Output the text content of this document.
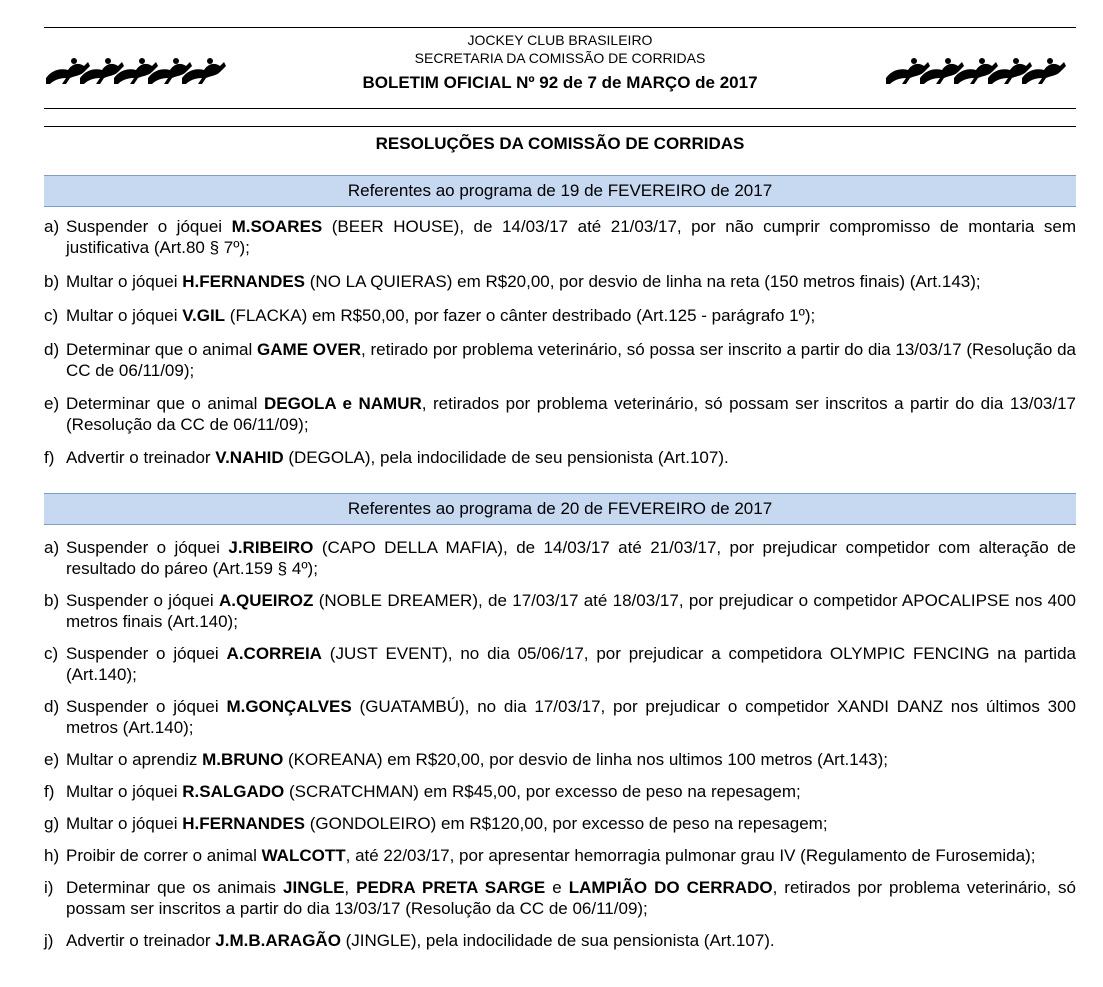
JOCKEY CLUB BRASILEIRO
SECRETARIA DA COMISSÃO DE CORRIDAS
BOLETIM OFICIAL Nº 92 de 7 de MARÇO de 2017
RESOLUÇÕES DA COMISSÃO DE CORRIDAS
Referentes ao programa de 19 de FEVEREIRO de 2017
a) Suspender o jóquei M.SOARES (BEER HOUSE), de 14/03/17 até 21/03/17, por não cumprir compromisso de montaria sem justificativa (Art.80 § 7º);
b) Multar o jóquei H.FERNANDES (NO LA QUIERAS) em R$20,00, por desvio de linha na reta (150 metros finais) (Art.143);
c) Multar o jóquei V.GIL (FLACKA) em R$50,00, por fazer o cânter destribado (Art.125 - parágrafo 1º);
d) Determinar que o animal GAME OVER, retirado por problema veterinário, só possa ser inscrito a partir do dia 13/03/17 (Resolução da CC de 06/11/09);
e) Determinar que o animal DEGOLA e NAMUR, retirados por problema veterinário, só possam ser inscritos a partir do dia 13/03/17 (Resolução da CC de 06/11/09);
f) Advertir o treinador V.NAHID (DEGOLA), pela indocilidade de seu pensionista (Art.107).
Referentes ao programa de 20 de FEVEREIRO de 2017
a) Suspender o jóquei J.RIBEIRO (CAPO DELLA MAFIA), de 14/03/17 até 21/03/17, por prejudicar competidor com alteração de resultado do páreo (Art.159 § 4º);
b) Suspender o jóquei A.QUEIROZ (NOBLE DREAMER), de 17/03/17 até 18/03/17, por prejudicar o competidor APOCALIPSE nos 400 metros finais (Art.140);
c) Suspender o jóquei A.CORREIA (JUST EVENT), no dia 05/06/17, por prejudicar a competidora OLYMPIC FENCING na partida (Art.140);
d) Suspender o jóquei M.GONÇALVES (GUATAMBÚ), no dia 17/03/17, por prejudicar o competidor XANDI DANZ nos últimos 300 metros (Art.140);
e) Multar o aprendiz M.BRUNO (KOREANA) em R$20,00, por desvio de linha nos ultimos 100 metros (Art.143);
f) Multar o jóquei R.SALGADO (SCRATCHMAN) em R$45,00, por excesso de peso na repesagem;
g) Multar o jóquei H.FERNANDES (GONDOLEIRO) em R$120,00, por excesso de peso na repesagem;
h) Proibir de correr o animal WALCOTT, até 22/03/17, por apresentar hemorragia pulmonar grau IV (Regulamento de Furosemida);
i) Determinar que os animais JINGLE, PEDRA PRETA SARGE e LAMPIÃO DO CERRADO, retirados por problema veterinário, só possam ser inscritos a partir do dia 13/03/17 (Resolução da CC de 06/11/09);
j) Advertir o treinador J.M.B.ARAGÃO (JINGLE), pela indocilidade de sua pensionista (Art.107).
